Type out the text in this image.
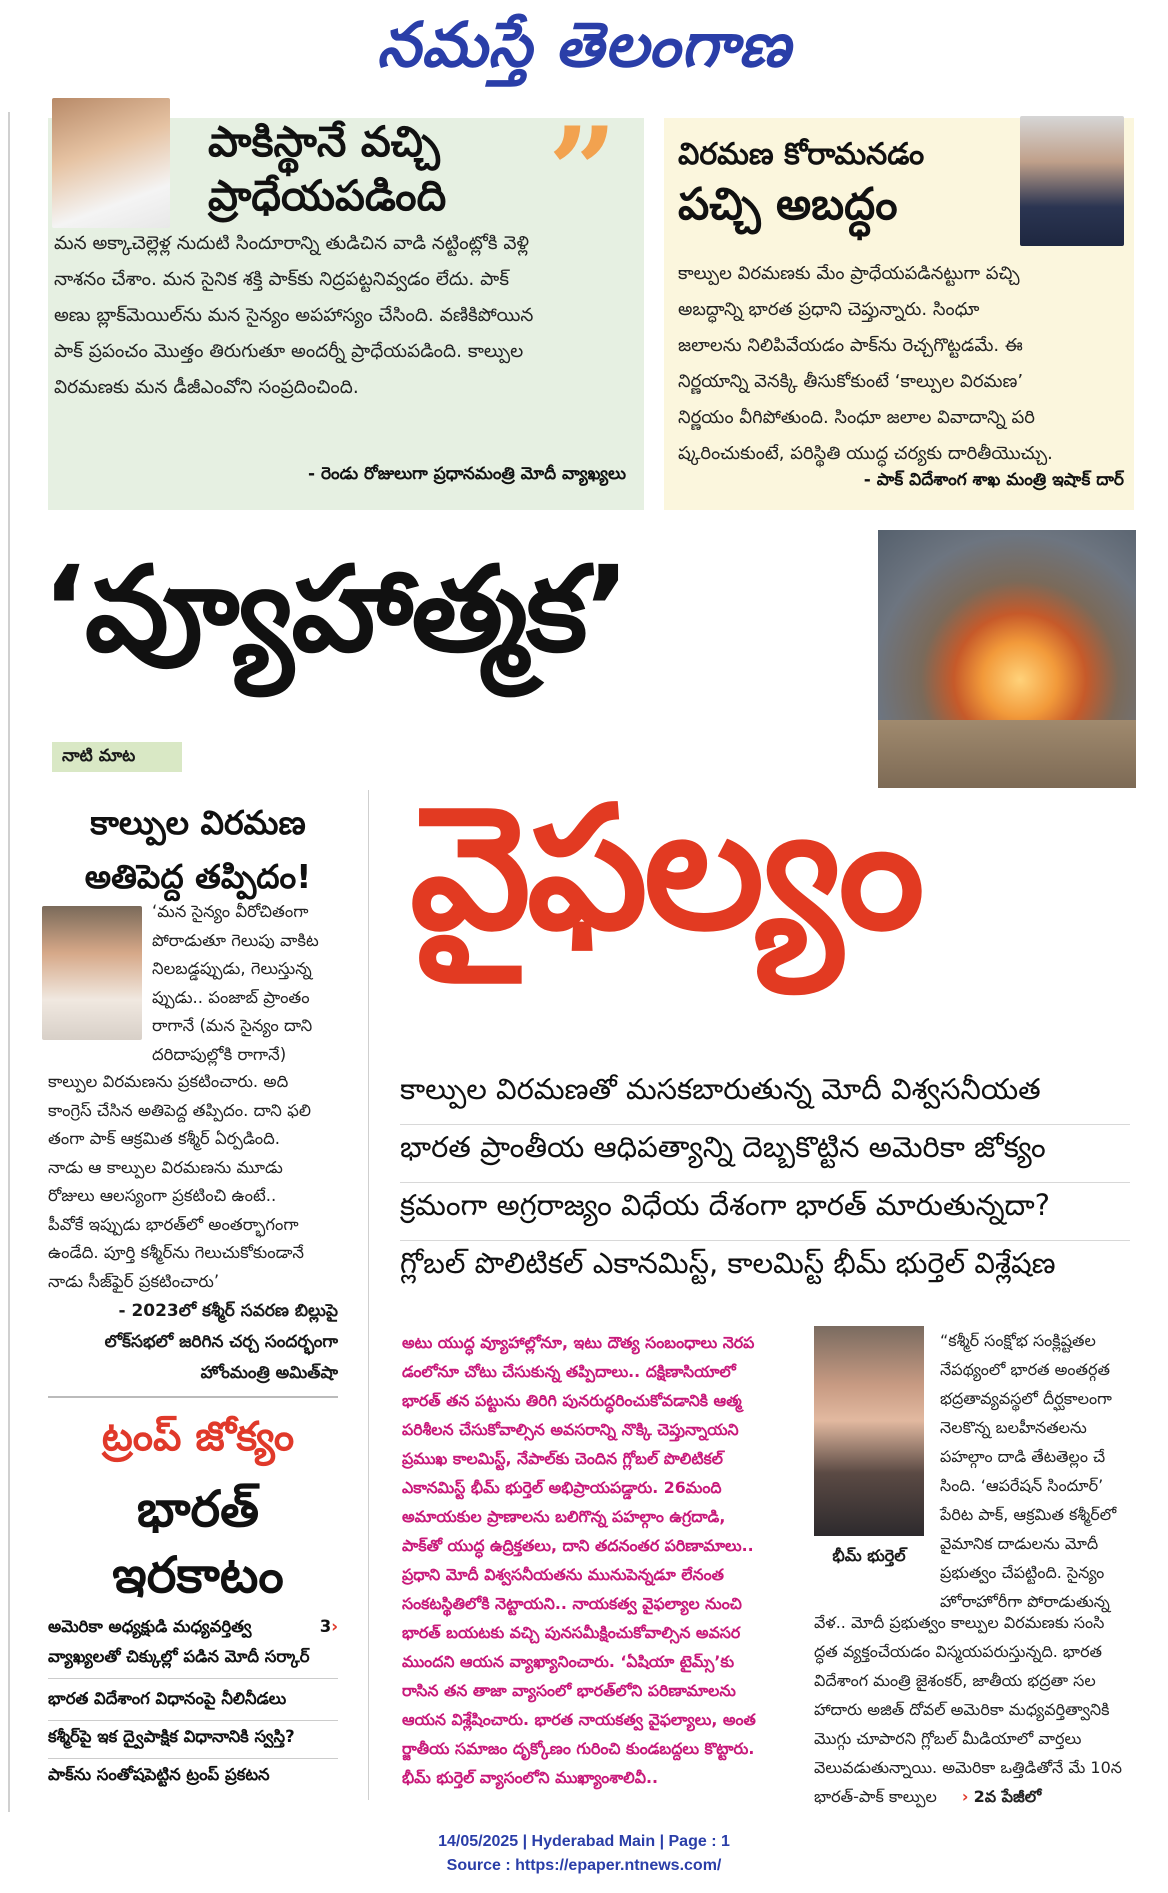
నమస్తే తెలంగాణ
పాకిస్థానే వచ్చి
ప్రాధేయపడింది ”
మన అక్కాచెల్లెళ్ల నుదుటి సిందూరాన్ని తుడిచిన వాడి నట్టింట్లోకి వెళ్లి
నాశనం చేశాం. మన సైనిక శక్తి పాక్‌కు నిద్రపట్టనివ్వడం లేదు. పాక్
అణు బ్లాక్‌మెయిల్‌ను మన సైన్యం అపహాస్యం చేసింది. వణికిపోయిన
పాక్ ప్రపంచం మొత్తం తిరుగుతూ అందర్నీ ప్రాధేయపడింది. కాల్పుల
విరమణకు మన డీజీఎంవోని సంప్రదించింది.
- రెండు రోజులుగా ప్రధానమంత్రి మోదీ వ్యాఖ్యలు
విరమణ కోరామనడం
పచ్చి అబద్ధం
కాల్పుల విరమణకు మేం ప్రాధేయపడినట్టుగా పచ్చి
అబద్ధాన్ని భారత ప్రధాని చెప్తున్నారు. సింధూ
జలాలను నిలిపివేయడం పాక్‌ను రెచ్చగొట్టడమే. ఈ
నిర్ణయాన్ని వెనక్కి తీసుకోకుంటే ‘కాల్పుల విరమణ’
నిర్ణయం వీగిపోతుంది. సింధూ జలాల వివాదాన్ని పరి
ష్కరించుకుంటే, పరిస్థితి యుద్ధ చర్యకు దారితీయొచ్చు.
- పాక్ విదేశాంగ శాఖ మంత్రి ఇషాక్ దార్
‘వ్యూహాత్మక’
వైఫల్యం
నాటి మాట
కాల్పుల విరమణ
అతిపెద్ద తప్పిదం!
‘మన సైన్యం వీరోచితంగా
పోరాడుతూ గెలుపు వాకిట
నిలబడ్డప్పుడు, గెలుస్తున్న
ప్పుడు.. పంజాబ్ ప్రాంతం
రాగానే (మన సైన్యం దాని
దరిదాపుల్లోకి రాగానే)
కాల్పుల విరమణను ప్రకటించారు. అది
కాంగ్రెస్ చేసిన అతిపెద్ద తప్పిదం. దాని ఫలి
తంగా పాక్ ఆక్రమిత కశ్మీర్ ఏర్పడింది.
నాడు ఆ కాల్పుల విరమణను మూడు
రోజులు ఆలస్యంగా ప్రకటించి ఉంటే..
పీవోకే ఇప్పుడు భారత్‌లో అంతర్భాగంగా
ఉండేది. పూర్తి కశ్మీర్‌ను గెలుచుకోకుండానే
నాడు సీజ్‌ఫైర్ ప్రకటించారు’
- 2023లో కశ్మీర్ సవరణ బిల్లుపై
లోక్‌సభలో జరిగిన చర్చ సందర్భంగా
హోంమంత్రి అమిత్‌షా
ట్రంప్ జోక్యం
భారత్
ఇరకాటం
అమెరికా అధ్యక్షుడి మధ్యవర్తిత్వ	›
3

వ్యాఖ్యలతో చిక్కుల్లో పడిన మోదీ సర్కార్
భారత విదేశాంగ విధానంపై నీలినీడలు
కశ్మీర్‌పై ఇక ద్వైపాక్షిక విధానానికి స్వస్తి?
పాక్‌ను సంతోషపెట్టిన ట్రంప్ ప్రకటన
కాల్పుల విరమణతో మసకబారుతున్న మోదీ విశ్వసనీయత
భారత ప్రాంతీయ ఆధిపత్యాన్ని దెబ్బకొట్టిన అమెరికా జోక్యం
క్రమంగా అగ్రరాజ్యం విధేయ దేశంగా భారత్ మారుతున్నదా?
గ్లోబల్ పొలిటికల్ ఎకానమిస్ట్, కాలమిస్ట్ భీమ్ భుర్తెల్ విశ్లేషణ
అటు యుద్ధ వ్యూహాల్లోనూ, ఇటు దౌత్య సంబంధాలు నెరప
డంలోనూ చోటు చేసుకున్న తప్పిదాలు.. దక్షిణాసియాలో
భారత్ తన పట్టును తిరిగి పునరుద్ధరించుకోవడానికి ఆత్మ
పరిశీలన చేసుకోవాల్సిన అవసరాన్ని నొక్కి చెప్తున్నాయని
ప్రముఖ కాలమిస్ట్, నేపాల్‌కు చెందిన గ్లోబల్ పొలిటికల్
ఎకానమిస్ట్ భీమ్ భుర్తెల్ అభిప్రాయపడ్డారు. 26మంది
అమాయకుల ప్రాణాలను బలిగొన్న పహల్గాం ఉగ్రదాడి,
పాక్‌తో యుద్ధ ఉద్రిక్తతలు, దాని తదనంతర పరిణామాలు..
ప్రధాని మోదీ విశ్వసనీయతను మునుపెన్నడూ లేనంత
సంకటస్థితిలోకి నెట్టాయని.. నాయకత్వ వైఫల్యాల నుంచి
భారత్ బయటకు వచ్చి పునసమీక్షించుకోవాల్సిన అవసర
ముందని ఆయన వ్యాఖ్యానించారు. ‘ఏషియా టైమ్స్’కు
రాసిన తన తాజా వ్యాసంలో భారత్‌లోని పరిణామాలను
ఆయన విశ్లేషించారు. భారత నాయకత్వ వైఫల్యాలు, అంత
ర్జాతీయ సమాజం దృక్కోణం గురించి కుండబద్దలు కొట్టారు.
భీమ్ భుర్తెల్ వ్యాసంలోని ముఖ్యాంశాలివీ..
భీమ్ భుర్తెల్
“కశ్మీర్ సంక్షోభ సంక్లిష్టతల
నేపథ్యంలో భారత అంతర్గత
భద్రతావ్యవస్థలో దీర్ఘకాలంగా
నెలకొన్న బలహీనతలను
పహల్గాం దాడి తేటతెల్లం చే
సింది. ‘ఆపరేషన్ సిందూర్’
పేరిట పాక్, ఆక్రమిత కశ్మీర్‌లో
వైమానిక దాడులను మోదీ
ప్రభుత్వం చేపట్టింది. సైన్యం
హోరాహోరీగా పోరాడుతున్న
వేళ.. మోదీ ప్రభుత్వం కాల్పుల విరమణకు సంసి
ద్ధత వ్యక్తంచేయడం విస్మయపరుస్తున్నది. భారత
విదేశాంగ మంత్రి జైశంకర్, జాతీయ భద్రతా సల
హాదారు అజిత్ దోవల్ అమెరికా మధ్యవర్తిత్వానికి
మొగ్గు చూపారని గ్లోబల్ మీడియాలో వార్తలు
వెలువడుతున్నాయి. అమెరికా ఒత్తిడితోనే మే 10న
భారత్-పాక్ కాల్పుల › 2వ పేజీలో
14/05/2025 | Hyderabad Main | Page : 1
Source : https://epaper.ntnews.com/
